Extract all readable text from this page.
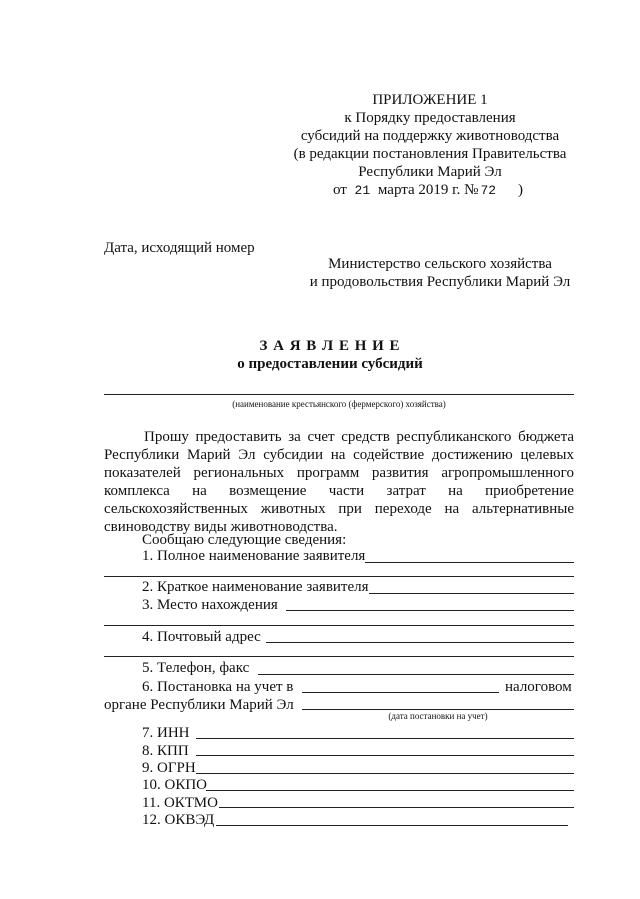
ПРИЛОЖЕНИЕ 1
к Порядку предоставления
субсидий на поддержку животноводства
(в редакции постановления Правительства
Республики Марий Эл
от 21 марта 2019 г. № 72 )
Дата, исходящий номер
Министерство сельского хозяйства
и продовольствия Республики Марий Эл
З А Я В Л Е Н И Е
о предоставлении субсидий
(наименование крестьянского (фермерского) хозяйства)
Прошу предоставить за счет средств республиканского бюджета
Республики Марий Эл субсидии на содействие достижению целевых
показателей региональных программ развития агропромышленного
комплекса на возмещение части затрат на приобретение
сельскохозяйственных животных при переходе на альтернативные
свиноводству виды животноводства.
Сообщаю следующие сведения:
1. Полное наименование заявителя
2. Краткое наименование заявителя
3. Место нахождения
4. Почтовый адрес
5. Телефон, факс
6. Постановка на учет в	налоговом
органе Республики Марий Эл
(дата постановки на учет)
7. ИНН
8. КПП
9. ОГРН
10. ОКПО
11. ОКТМО
12. ОКВЭД
